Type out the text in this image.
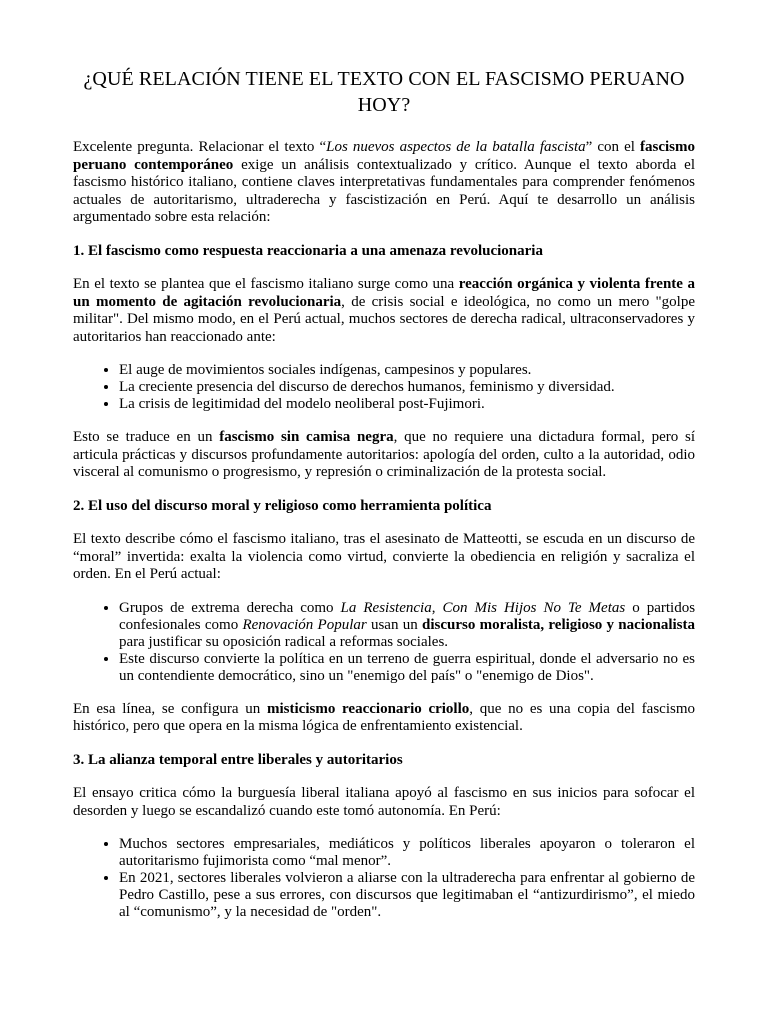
¿QUÉ RELACIÓN TIENE EL TEXTO CON EL FASCISMO PERUANO HOY?

Excelente pregunta. Relacionar el texto “Los nuevos aspectos de la batalla fascista” con el fascismo peruano contemporáneo exige un análisis contextualizado y crítico. Aunque el texto aborda el fascismo histórico italiano, contiene claves interpretativas fundamentales para comprender fenómenos actuales de autoritarismo, ultraderecha y fascistización en Perú. Aquí te desarrollo un análisis argumentado sobre esta relación:

1. El fascismo como respuesta reaccionaria a una amenaza revolucionaria

En el texto se plantea que el fascismo italiano surge como una reacción orgánica y violenta frente a un momento de agitación revolucionaria, de crisis social e ideológica, no como un mero "golpe militar". Del mismo modo, en el Perú actual, muchos sectores de derecha radical, ultraconservadores y autoritarios han reaccionado ante:

• El auge de movimientos sociales indígenas, campesinos y populares.
• La creciente presencia del discurso de derechos humanos, feminismo y diversidad.
• La crisis de legitimidad del modelo neoliberal post-Fujimori.

Esto se traduce en un fascismo sin camisa negra, que no requiere una dictadura formal, pero sí articula prácticas y discursos profundamente autoritarios: apología del orden, culto a la autoridad, odio visceral al comunismo o progresismo, y represión o criminalización de la protesta social.

2. El uso del discurso moral y religioso como herramienta política

El texto describe cómo el fascismo italiano, tras el asesinato de Matteotti, se escuda en un discurso de “moral” invertida: exalta la violencia como virtud, convierte la obediencia en religión y sacraliza el orden. En el Perú actual:

• Grupos de extrema derecha como La Resistencia, Con Mis Hijos No Te Metas o partidos confesionales como Renovación Popular usan un discurso moralista, religioso y nacionalista para justificar su oposición radical a reformas sociales.
• Este discurso convierte la política en un terreno de guerra espiritual, donde el adversario no es un contendiente democrático, sino un "enemigo del país" o "enemigo de Dios".

En esa línea, se configura un misticismo reaccionario criollo, que no es una copia del fascismo histórico, pero que opera en la misma lógica de enfrentamiento existencial.

3. La alianza temporal entre liberales y autoritarios

El ensayo critica cómo la burguesía liberal italiana apoyó al fascismo en sus inicios para sofocar el desorden y luego se escandalizó cuando este tomó autonomía. En Perú:

• Muchos sectores empresariales, mediáticos y políticos liberales apoyaron o toleraron el autoritarismo fujimorista como “mal menor”.
• En 2021, sectores liberales volvieron a aliarse con la ultraderecha para enfrentar al gobierno de Pedro Castillo, pese a sus errores, con discursos que legitimaban el “antizurdirismo”, el miedo al “comunismo”, y la necesidad de "orden".
